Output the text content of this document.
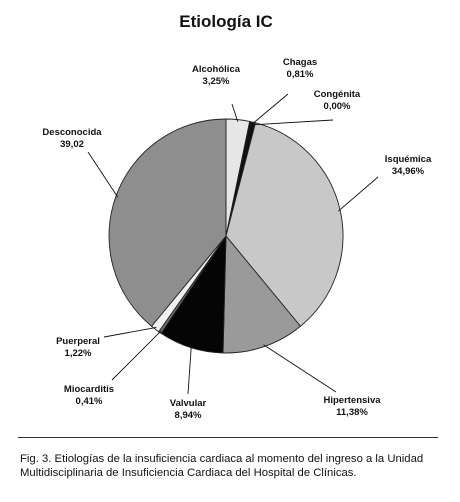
Etiología IC
Alcohólica
3,25%
Chagas
0,81%
Congénita
0,00%
Isquémica
34,96%
Hipertensiva
11,38%
Valvular
8,94%
Miocarditis
0,41%
Puerperal
1,22%
Desconocida
39,02
Fig. 3. Etiologías de la insuficiencia cardiaca al momento del ingreso a la Unidad Multidisciplinaria de Insuficiencia Cardiaca del Hospital de Clínicas.
